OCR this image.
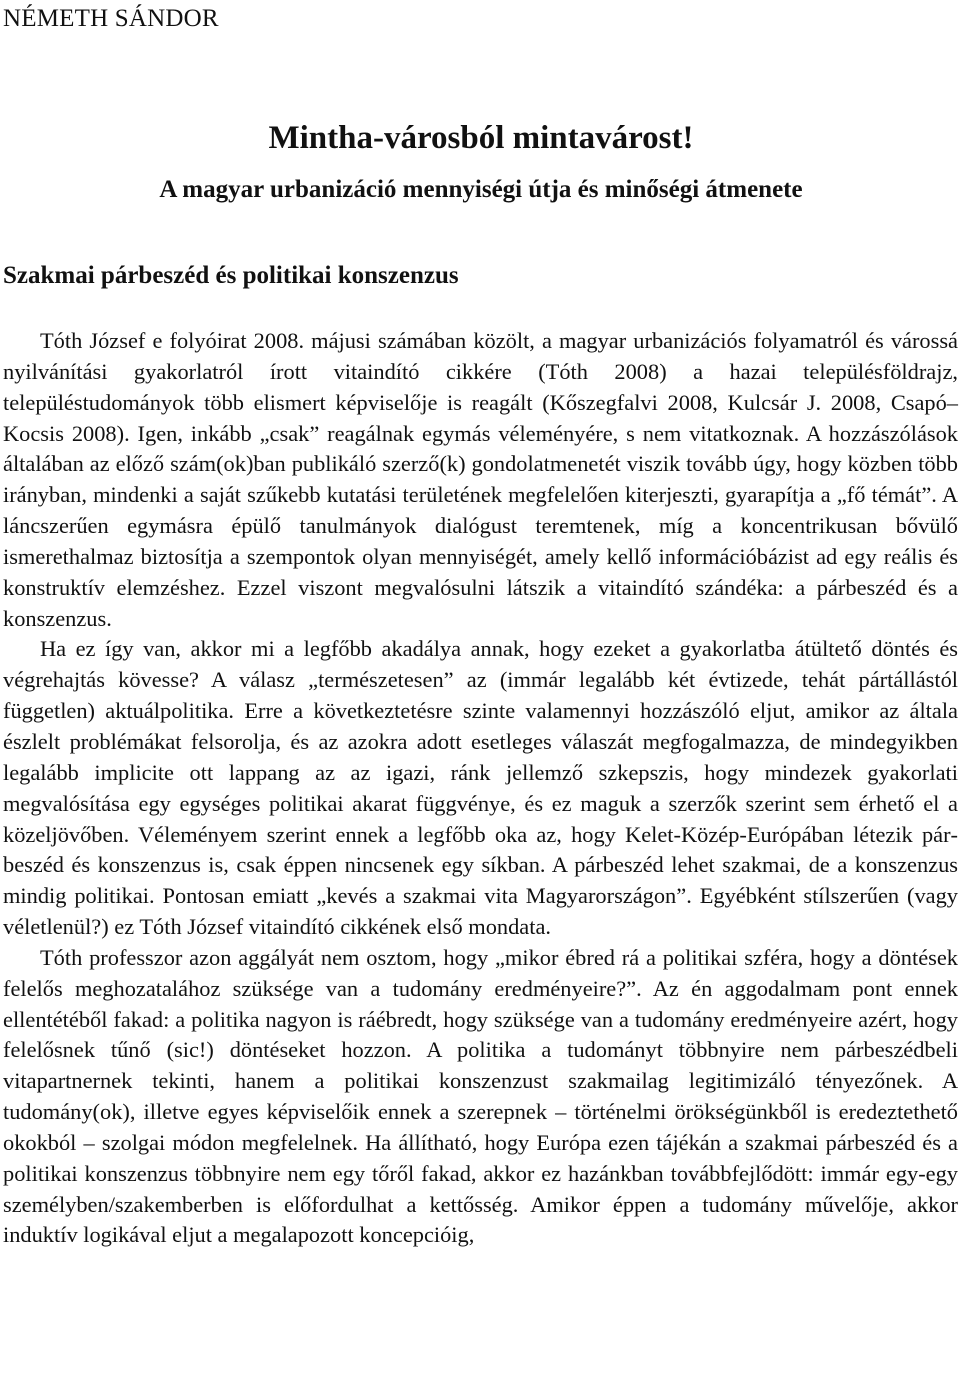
NÉMETH SÁNDOR
Mintha-városból mintavárost!
A magyar urbanizáció mennyiségi útja és minőségi átmenete
Szakmai párbeszéd és politikai konszenzus

Tóth József e folyóirat 2008. májusi számában közölt, a magyar urbanizációs folyamatról és várossá nyilvánítási gyakorlatról írott vitaindító cikkére (Tóth 2008) a hazai településföldrajz, településtudományok több elismert képviselője is reagált (Kőszegfalvi 2008, Kulcsár J. 2008, Csapó–Kocsis 2008). Igen, inkább „csak” reagálnak egymás véleményére, s nem vitatkoznak. A hozzászólások általában az előző szám(ok)ban publikáló szerző(k) gondolatmenetét viszik tovább úgy, hogy közben több irányban, mindenki a saját szűkebb kutatási területének megfelelően kiterjeszti, gyarapítja a „fő témát”. A láncszerűen egymásra épülő tanulmányok dialógust teremtenek, míg a koncentrikusan bővülő ismerethalmaz biztosítja a szempontok olyan mennyiségét, amely kellő információbázist ad egy reális és konstruktív elemzéshez. Ezzel viszont megvalósulni látszik a vitaindító szándéka: a párbeszéd és a konszenzus.

Ha ez így van, akkor mi a legfőbb akadálya annak, hogy ezeket a gyakorlatba átültető döntés és végrehajtás kövesse? A válasz „természetesen” az (immár legalább két évtizede, tehát pártállástól független) aktuálpolitika. Erre a következtetésre szinte valamennyi hozzászóló eljut, amikor az általa észlelt problémákat felsorolja, és az azokra adott esetleges válaszát megfogalmazza, de mindegyikben legalább implicite ott lappang az az igazi, ránk jellemző szkepszis, hogy mindezek gyakorlati megvalósítása egy egységes politikai akarat függvénye, és ez maguk a szerzők szerint sem érhető el a közeljövőben. Véleményem szerint ennek a legfőbb oka az, hogy Kelet-Közép-Európában létezik párbeszéd és konszenzus is, csak éppen nincsenek egy síkban. A párbeszéd lehet szakmai, de a konszenzus mindig politikai. Pontosan emiatt „kevés a szakmai vita Magyarországon”. Egyébként stílszerűen (vagy véletlenül?) ez Tóth József vitaindító cikkének első mondata.

Tóth professzor azon aggályát nem osztom, hogy „mikor ébred rá a politikai szféra, hogy a döntések felelős meghozatalához szüksége van a tudomány eredményeire?”. Az én aggodalmam pont ennek ellentétéből fakad: a politika nagyon is ráébredt, hogy szüksége van a tudomány eredményeire azért, hogy felelősnek tűnő (sic!) döntéseket hozzon. A politika a tudományt többnyire nem párbeszédbeli vitapartnernek tekinti, hanem a politikai konszenzust szakmailag legitimizáló tényezőnek. A tudomány(ok), illetve egyes képviselőik ennek a szerepnek – történelmi örökségünkből is eredeztethető okokból – szolgai módon megfelelnek. Ha állítható, hogy Európa ezen tájékán a szakmai párbeszéd és a politikai konszenzus többnyire nem egy tőről fakad, akkor ez hazánkban továbbfejlődött: immár egy-egy személyben/szakemberben is előfordulhat a kettősség. Amikor éppen a tudomány művelője, akkor induktív logikával eljut a megalapozott koncepcióig,
